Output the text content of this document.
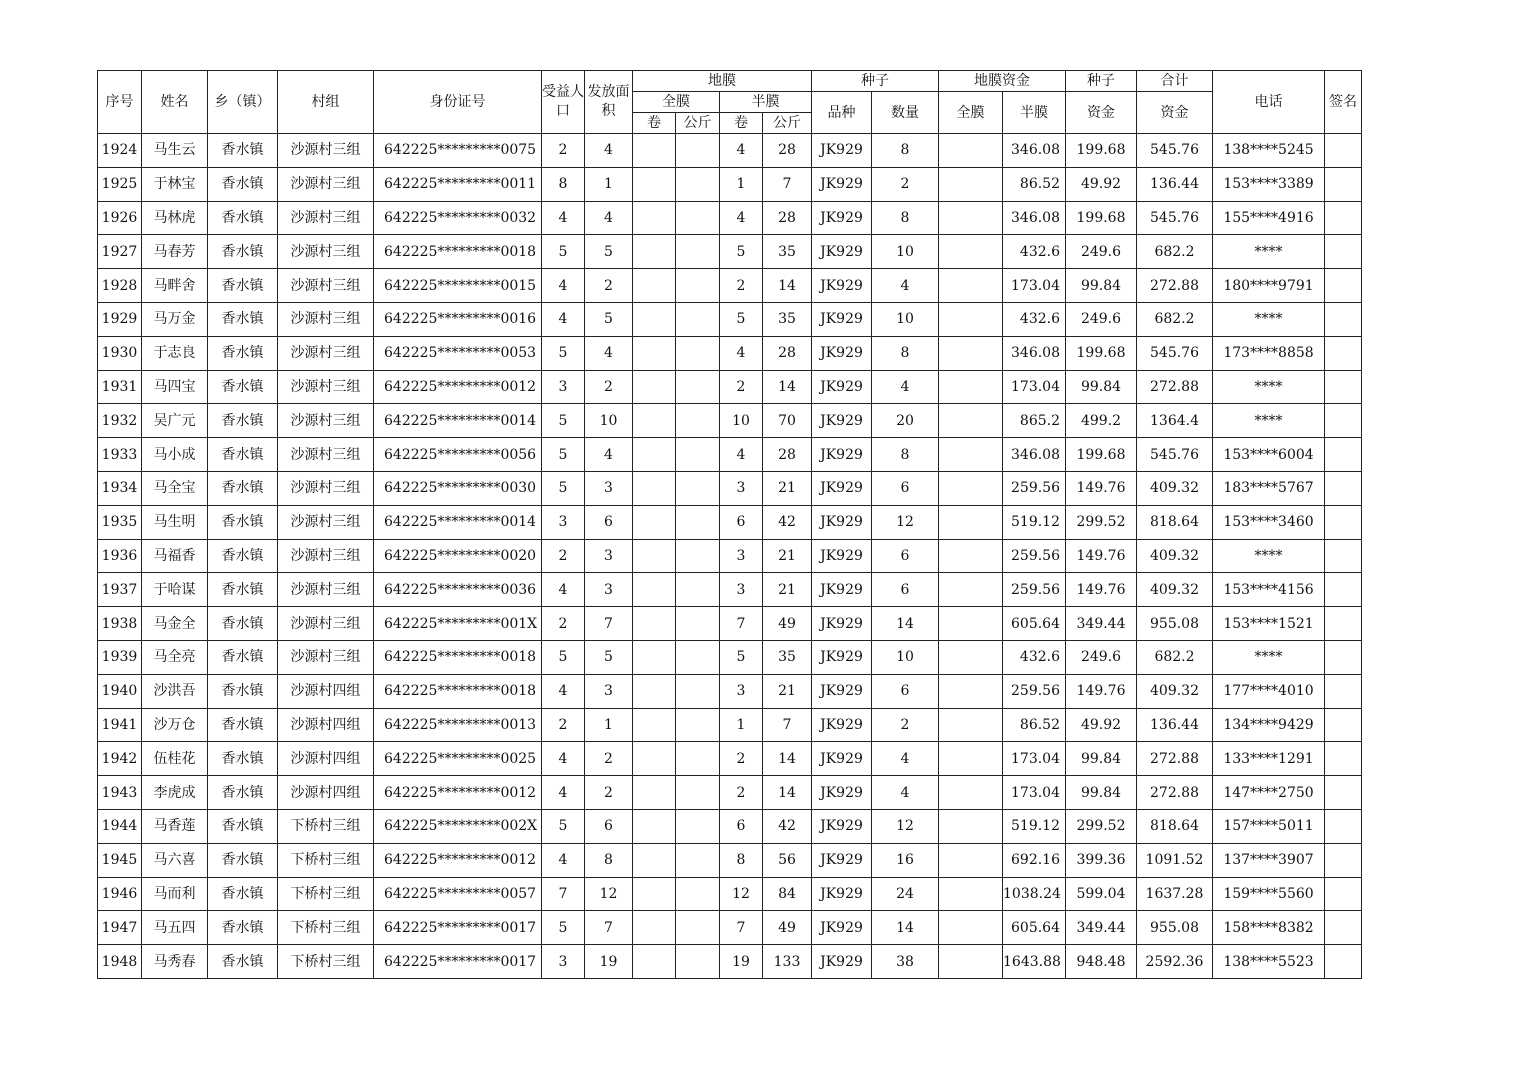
序号	姓名	乡（镇）	村组	身份证号	受益人口	发放面积	地膜				种子		地膜资金		种子	合计	电话	签名
							全膜		半膜		品种	数量	全膜	半膜	资金	资金		
							卷	公斤	卷	公斤								
1924	马生云	香水镇	沙源村三组	642225*********0075	2	4			4	28	JK929	8		346.08	199.68	545.76	138****5245	
1925	于林宝	香水镇	沙源村三组	642225*********0011	8	1			1	7	JK929	2		86.52	49.92	136.44	153****3389	
1926	马林虎	香水镇	沙源村三组	642225*********0032	4	4			4	28	JK929	8		346.08	199.68	545.76	155****4916	
1927	马春芳	香水镇	沙源村三组	642225*********0018	5	5			5	35	JK929	10		432.6	249.6	682.2	****	
1928	马畔舍	香水镇	沙源村三组	642225*********0015	4	2			2	14	JK929	4		173.04	99.84	272.88	180****9791	
1929	马万金	香水镇	沙源村三组	642225*********0016	4	5			5	35	JK929	10		432.6	249.6	682.2	****	
1930	于志良	香水镇	沙源村三组	642225*********0053	5	4			4	28	JK929	8		346.08	199.68	545.76	173****8858	
1931	马四宝	香水镇	沙源村三组	642225*********0012	3	2			2	14	JK929	4		173.04	99.84	272.88	****	
1932	吴广元	香水镇	沙源村三组	642225*********0014	5	10			10	70	JK929	20		865.2	499.2	1364.4	****	
1933	马小成	香水镇	沙源村三组	642225*********0056	5	4			4	28	JK929	8		346.08	199.68	545.76	153****6004	
1934	马全宝	香水镇	沙源村三组	642225*********0030	5	3			3	21	JK929	6		259.56	149.76	409.32	183****5767	
1935	马生明	香水镇	沙源村三组	642225*********0014	3	6			6	42	JK929	12		519.12	299.52	818.64	153****3460	
1936	马福香	香水镇	沙源村三组	642225*********0020	2	3			3	21	JK929	6		259.56	149.76	409.32	****	
1937	于哈谋	香水镇	沙源村三组	642225*********0036	4	3			3	21	JK929	6		259.56	149.76	409.32	153****4156	
1938	马金全	香水镇	沙源村三组	642225*********001X	2	7			7	49	JK929	14		605.64	349.44	955.08	153****1521	
1939	马全亮	香水镇	沙源村三组	642225*********0018	5	5			5	35	JK929	10		432.6	249.6	682.2	****	
1940	沙洪吾	香水镇	沙源村四组	642225*********0018	4	3			3	21	JK929	6		259.56	149.76	409.32	177****4010	
1941	沙万仓	香水镇	沙源村四组	642225*********0013	2	1			1	7	JK929	2		86.52	49.92	136.44	134****9429	
1942	伍桂花	香水镇	沙源村四组	642225*********0025	4	2			2	14	JK929	4		173.04	99.84	272.88	133****1291	
1943	李虎成	香水镇	沙源村四组	642225*********0012	4	2			2	14	JK929	4		173.04	99.84	272.88	147****2750	
1944	马香莲	香水镇	下桥村三组	642225*********002X	5	6			6	42	JK929	12		519.12	299.52	818.64	157****5011	
1945	马六喜	香水镇	下桥村三组	642225*********0012	4	8			8	56	JK929	16		692.16	399.36	1091.52	137****3907	
1946	马而利	香水镇	下桥村三组	642225*********0057	7	12			12	84	JK929	24		1038.24	599.04	1637.28	159****5560	
1947	马五四	香水镇	下桥村三组	642225*********0017	5	7			7	49	JK929	14		605.64	349.44	955.08	158****8382	
1948	马秀春	香水镇	下桥村三组	642225*********0017	3	19			19	133	JK929	38		1643.88	948.48	2592.36	138****5523	
